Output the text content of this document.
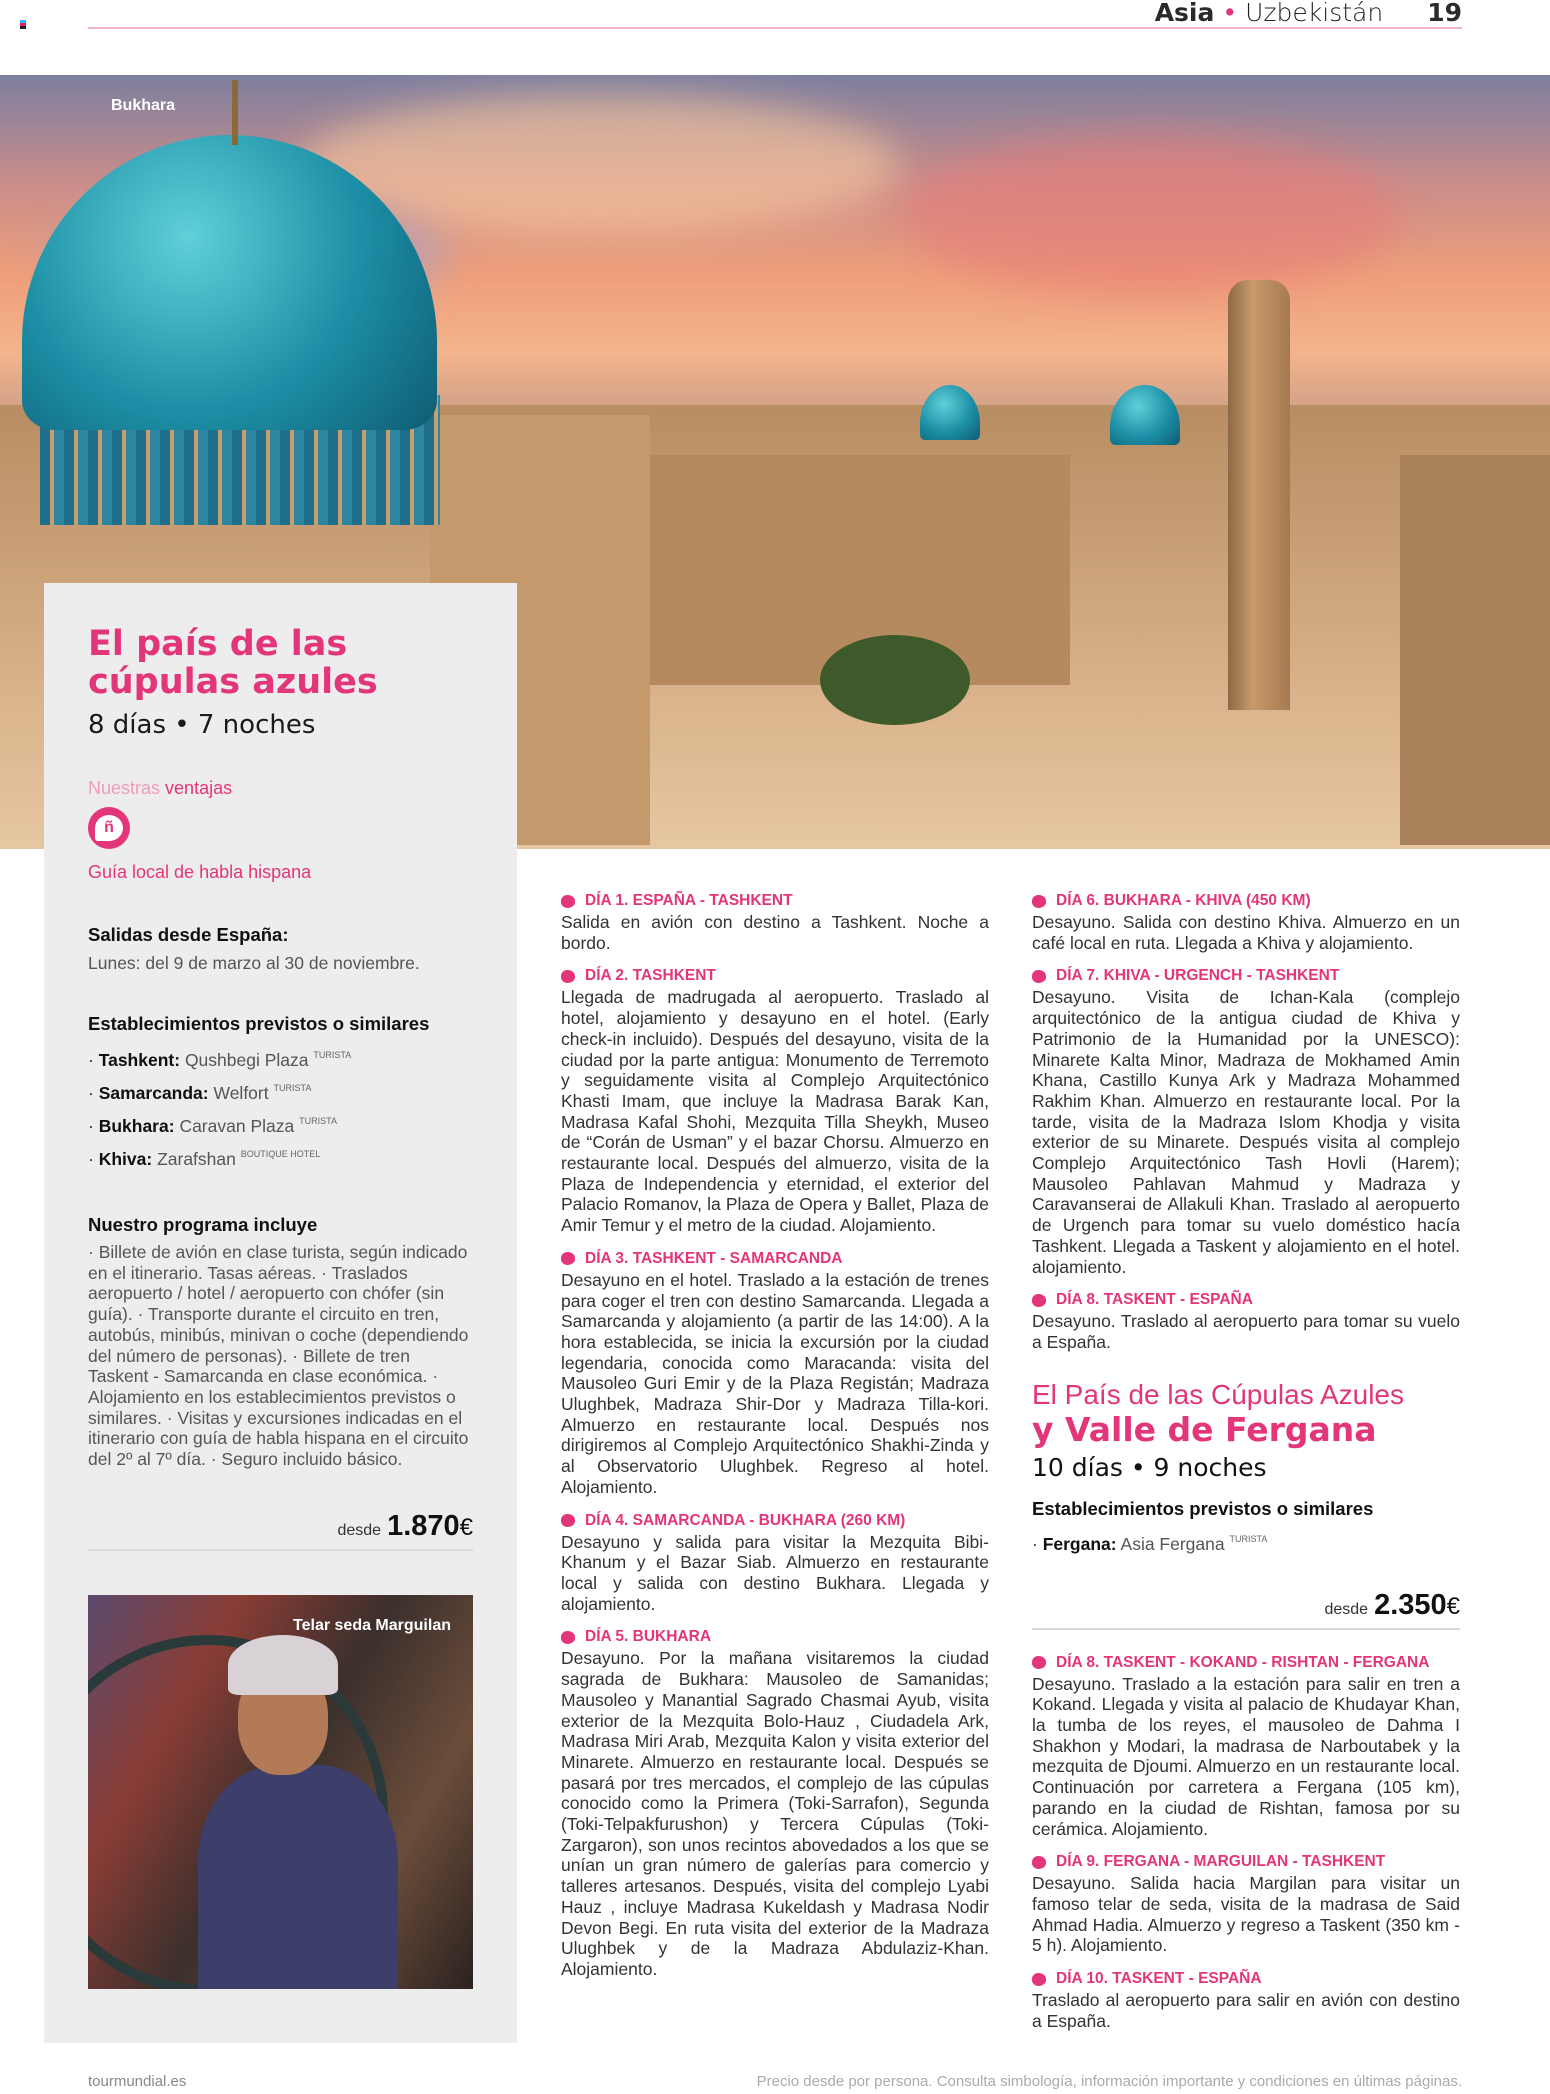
Asia • Uzbekistán 19
Bukhara
El país de las cúpulas azules
8 días • 7 noches
Nuestras ventajas
ñ
Guía local de habla hispana
Salidas desde España:

Lunes: del 9 de marzo al 30 de noviembre.

Establecimientos previstos o similares
· Tashkent: Qushbegi Plaza $^{TURISTA}$
· Samarcanda: Welfort $^{TURISTA}$
· Bukhara: Caravan Plaza $^{TURISTA}$
· Khiva: Zarafshan $^{BOUTIQUE HOTEL}$
Nuestro programa incluye

· Billete de avión en clase turista, según indicado en el itinerario. Tasas aéreas. · Traslados aeropuerto / hotel / aeropuerto con chófer (sin guía). · Transporte durante el circuito en tren, autobús, minibús, minivan o coche (dependiendo del número de personas). · Billete de tren Taskent - Samarcanda en clase económica. · Alojamiento en los establecimientos previstos o similares. · Visitas y excursiones indicadas en el itinerario con guía de habla hispana en el circuito del 2º al 7º día. · Seguro incluido básico.

desde 1.870€
Telar seda Marguilan
DÍA 1. ESPAÑA - TASHKENT

Salida en avión con destino a Tashkent. Noche a bordo.

DÍA 2. TASHKENT

Llegada de madrugada al aeropuerto. Traslado al hotel, alojamiento y desayuno en el hotel. (Early check-in incluido). Después del desayuno, visita de la ciudad por la parte antigua: Monumento de Terremoto y seguidamente visita al Complejo Arquitectónico Khasti Imam, que incluye la Madrasa Barak Kan, Madrasa Kafal Shohi, Mezquita Tilla Sheykh, Museo de “Corán de Usman” y el bazar Chorsu. Almuerzo en restaurante local. Después del almuerzo, visita de la Plaza de Independencia y eternidad, el exterior del Palacio Romanov, la Plaza de Opera y Ballet, Plaza de Amir Temur y el metro de la ciudad. Alojamiento.

DÍA 3. TASHKENT - SAMARCANDA

Desayuno en el hotel. Traslado a la estación de trenes para coger el tren con destino Samarcanda. Llegada a Samarcanda y alojamiento (a partir de las 14:00). A la hora establecida, se inicia la excursión por la ciudad legendaria, conocida como Maracanda: visita del Mausoleo Guri Emir y de la Plaza Registán; Madraza Ulughbek, Madraza Shir-Dor y Madraza Tilla-kori. Almuerzo en restaurante local. Después nos dirigiremos al Complejo Arquitectónico Shakhi-Zinda y al Observatorio Ulughbek. Regreso al hotel. Alojamiento.

DÍA 4. SAMARCANDA - BUKHARA (260 KM)

Desayuno y salida para visitar la Mezquita Bibi-Khanum y el Bazar Siab. Almuerzo en restaurante local y salida con destino Bukhara. Llegada y alojamiento.

DÍA 5. BUKHARA

Desayuno. Por la mañana visitaremos la ciudad sagrada de Bukhara: Mausoleo de Samanidas; Mausoleo y Manantial Sagrado Chasmai Ayub, visita exterior de la Mezquita Bolo-Hauz , Ciudadela Ark, Madrasa Miri Arab, Mezquita Kalon y visita exterior del Minarete. Almuerzo en restaurante local. Después se pasará por tres mercados, el complejo de las cúpulas conocido como la Primera (Toki-Sarrafon), Segunda (Toki-Telpakfurushon) y Tercera Cúpulas (Toki-Zargaron), son unos recintos abovedados a los que se unían un gran número de galerías para comercio y talleres artesanos. Después, visita del complejo Lyabi Hauz , incluye Madrasa Kukeldash y Madrasa Nodir Devon Begi. En ruta visita del exterior de la Madraza Ulughbek y de la Madraza Abdulaziz-Khan. Alojamiento.

DÍA 6. BUKHARA - KHIVA (450 KM)

Desayuno. Salida con destino Khiva. Almuerzo en un café local en ruta. Llegada a Khiva y alojamiento.

DÍA 7. KHIVA - URGENCH - TASHKENT

Desayuno. Visita de Ichan-Kala (complejo arquitectónico de la antigua ciudad de Khiva y Patrimonio de la Humanidad por la UNESCO): Minarete Kalta Minor, Madraza de Mokhamed Amin Khana, Castillo Kunya Ark y Madraza Mohammed Rakhim Khan. Almuerzo en restaurante local. Por la tarde, visita de la Madraza Islom Khodja y visita exterior de su Minarete. Después visita al complejo Complejo Arquitectónico Tash Hovli (Harem); Mausoleo Pahlavan Mahmud y Madraza y Caravanserai de Allakuli Khan. Traslado al aeropuerto de Urgench para tomar su vuelo doméstico hacía Tashkent. Llegada a Taskent y alojamiento en el hotel. alojamiento.

DÍA 8. TASKENT - ESPAÑA

Desayuno. Traslado al aeropuerto para tomar su vuelo a España.

El País de las Cúpulas Azules
y Valle de Fergana
10 días • 9 noches
Establecimientos previstos o similares
· Fergana: Asia Fergana $^{TURISTA}$
desde 2.350€
DÍA 8. TASKENT - KOKAND - RISHTAN - FERGANA

Desayuno. Traslado a la estación para salir en tren a Kokand. Llegada y visita al palacio de Khudayar Khan, la tumba de los reyes, el mausoleo de Dahma I Shakhon y Modari, la madrasa de Narboutabek y la mezquita de Djoumi. Almuerzo en un restaurante local. Continuación por carretera a Fergana (105 km), parando en la ciudad de Rishtan, famosa por su cerámica. Alojamiento.

DÍA 9. FERGANA - MARGUILAN - TASHKENT

Desayuno. Salida hacia Margilan para visitar un famoso telar de seda, visita de la madrasa de Said Ahmad Hadia. Almuerzo y regreso a Taskent (350 km - 5 h). Alojamiento.

DÍA 10. TASKENT - ESPAÑA

Traslado al aeropuerto para salir en avión con destino a España.

tourmundial.es	Precio desde por persona. Consulta simbología, información importante y condiciones en últimas páginas.
